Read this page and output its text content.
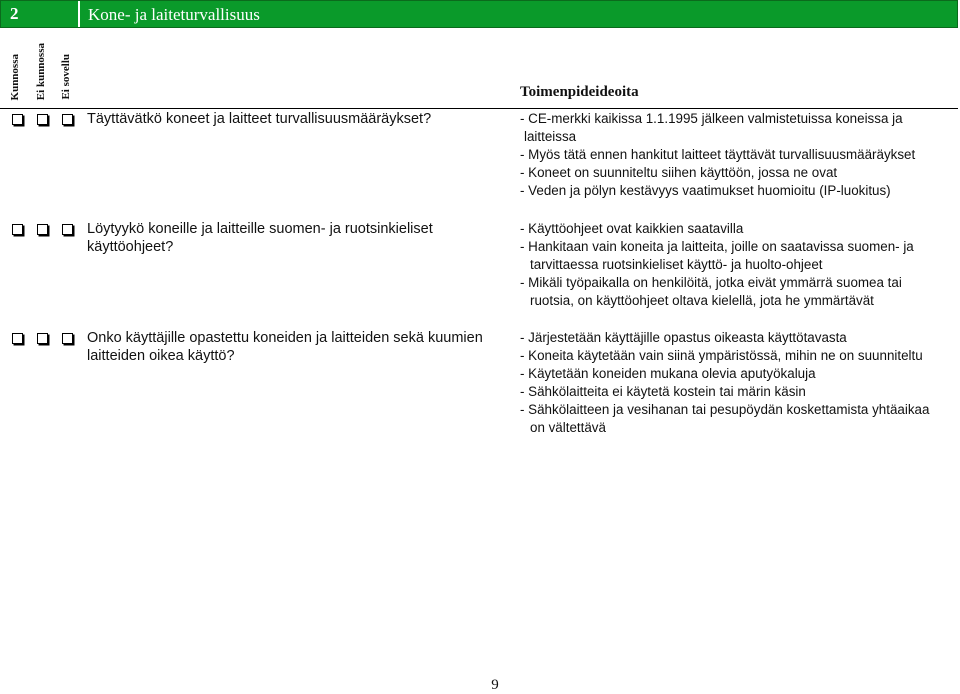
2	Kone- ja laiteturvallisuus
Kunnossa Ei kunnossa Ei sovellu	Toimenpideideoita
Täyttävätkö koneet ja laitteet turvallisuusmääräykset?	- CE-merkki kaikissa 1.1.1995 jälkeen valmistetuissa koneissa ja
laitteissa
- Myös tätä ennen hankitut laitteet täyttävät turvallisuusmääräykset
- Koneet on suunniteltu siihen käyttöön, jossa ne ovat
- Veden ja pölyn kestävyys vaatimukset huomioitu (IP-luokitus)
Löytyykö koneille ja laitteille suomen- ja ruotsinkieliset käyttöohjeet?
- Käyttöohjeet ovat kaikkien saatavilla
- Hankitaan vain koneita ja laitteita, joille on saatavissa suomen- ja
tarvittaessa ruotsinkieliset käyttö- ja huolto-ohjeet
- Mikäli työpaikalla on henkilöitä, jotka eivät ymmärrä suomea tai
ruotsia, on käyttöohjeet oltava kielellä, jota he ymmärtävät
Onko käyttäjille opastettu koneiden ja laitteiden sekä kuumien laitteiden oikea käyttö?
- Järjestetään käyttäjille opastus oikeasta käyttötavasta
- Koneita käytetään vain siinä ympäristössä, mihin ne on suunniteltu
- Käytetään koneiden mukana olevia aputyökaluja
- Sähkölaitteita ei käytetä kostein tai märin käsin
- Sähkölaitteen ja vesihanan tai pesupöydän koskettamista yhtäaikaa
on vältettävä
9
